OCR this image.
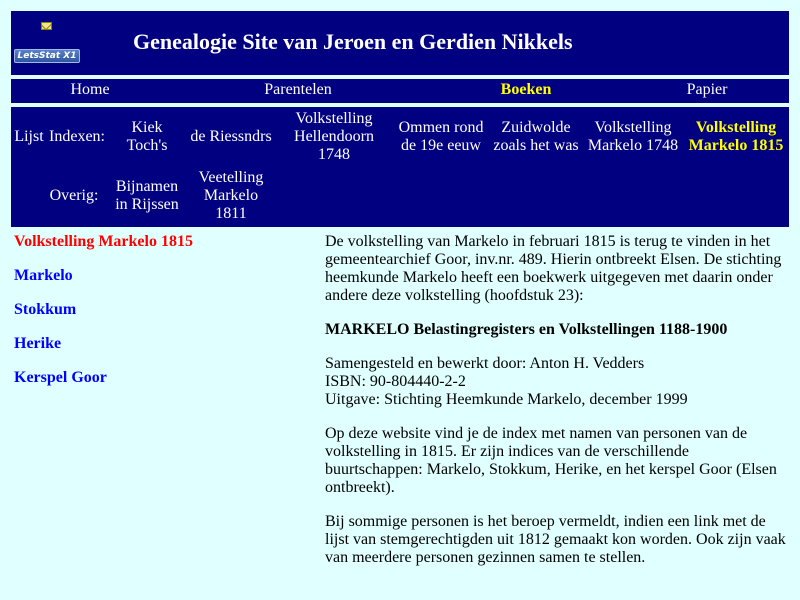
LetsStat X1
Genealogie Site van Jeroen en Gerdien Nikkels
Home	Parentelen	Boeken	Papier
Lijst Indexen:
Kiek
Toch's
de Riessndrs
Volkstelling
Hellendoorn
1748
Ommen rond
de 19e eeuw
Zuidwolde
zoals het was
Volkstelling
Markelo 1748
Volkstelling
Markelo 1815
Overig:
Bijnamen
in Rijssen
Veetelling
Markelo
1811
Volkstelling Markelo 1815
Markelo
Stokkum
Herike
Kerspel Goor

De volkstelling van Markelo in februari 1815 is terug te vinden in het gemeentearchief Goor, inv.nr. 489. Hierin ontbreekt Elsen. De stichting heemkunde Markelo heeft een boekwerk uitgegeven met daarin onder andere deze volkstelling (hoofdstuk 23):

MARKELO Belastingregisters en Volkstellingen 1188-1900

Samengesteld en bewerkt door: Anton H. Vedders
ISBN: 90-804440-2-2
Uitgave: Stichting Heemkunde Markelo, december 1999

Op deze website vind je de index met namen van personen van de volkstelling in 1815. Er zijn indices van de verschillende buurtschappen: Markelo, Stokkum, Herike, en het kerspel Goor (Elsen ontbreekt).

Bij sommige personen is het beroep vermeldt, indien een link met de lijst van stemgerechtigden uit 1812 gemaakt kon worden. Ook zijn vaak van meerdere personen gezinnen samen te stellen.
